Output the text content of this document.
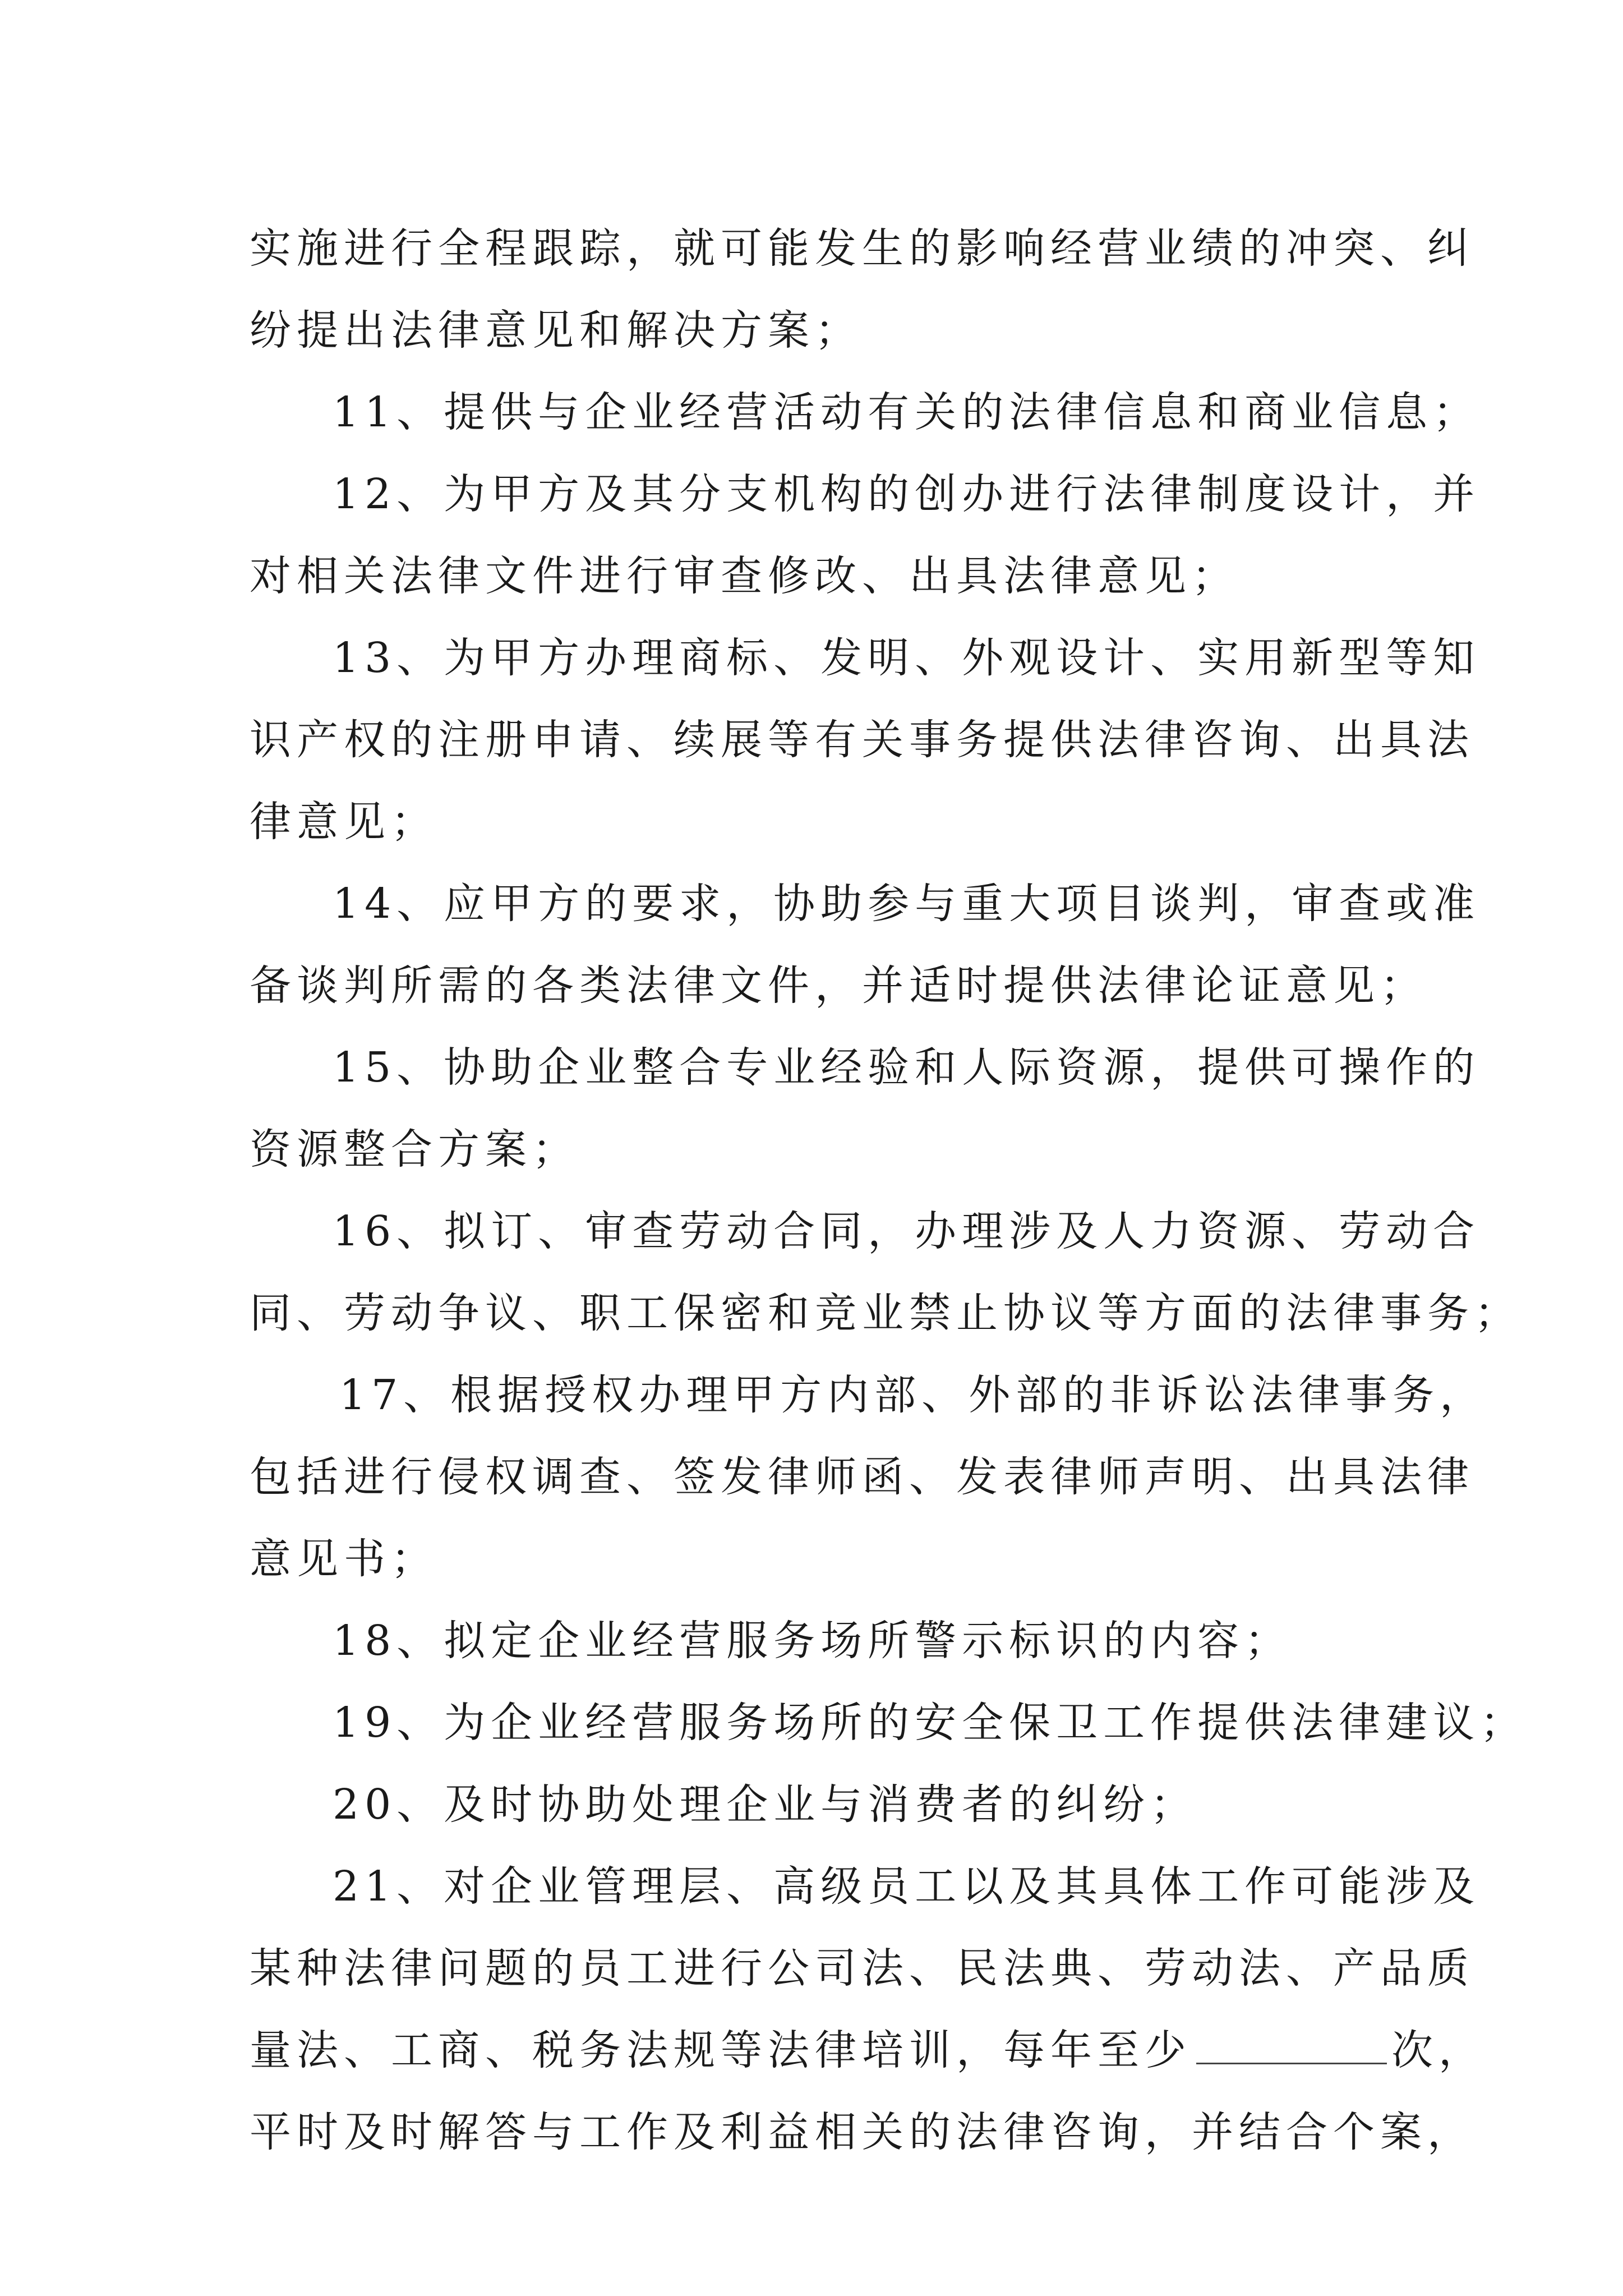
实施进行全程跟踪，就可能发生的影响经营业绩的冲突、纠
纷提出法律意见和解决方案；
11、提供与企业经营活动有关的法律信息和商业信息；
12、为甲方及其分支机构的创办进行法律制度设计，并
对相关法律文件进行审查修改、出具法律意见；
13、为甲方办理商标、发明、外观设计、实用新型等知
识产权的注册申请、续展等有关事务提供法律咨询、出具法
律意见；
14、应甲方的要求，协助参与重大项目谈判，审查或准
备谈判所需的各类法律文件，并适时提供法律论证意见；
15、协助企业整合专业经验和人际资源，提供可操作的
资源整合方案；
16、拟订、审查劳动合同，办理涉及人力资源、劳动合
同、劳动争议、职工保密和竞业禁止协议等方面的法律事务；
17、根据授权办理甲方内部、外部的非诉讼法律事务，
包括进行侵权调查、签发律师函、发表律师声明、出具法律
意见书；
18、拟定企业经营服务场所警示标识的内容；
19、为企业经营服务场所的安全保卫工作提供法律建议；
20、及时协助处理企业与消费者的纠纷；
21、对企业管理层、高级员工以及其具体工作可能涉及
某种法律问题的员工进行公司法、民法典、劳动法、产品质
量法、工商、税务法规等法律培训，每年至少	次，
平时及时解答与工作及利益相关的法律咨询，并结合个案，
